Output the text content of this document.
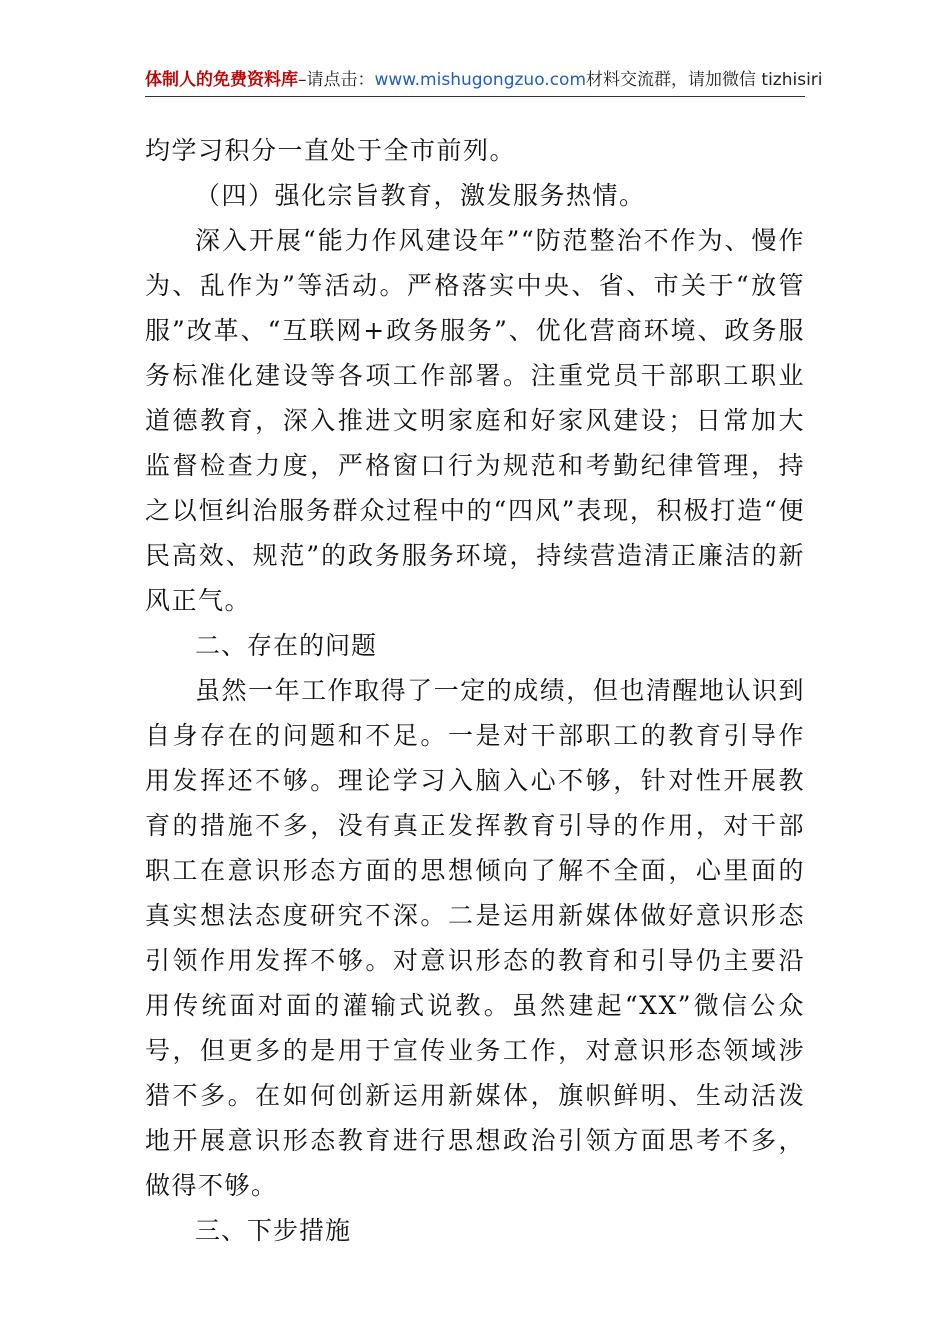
体制人的免费资料库–请点击：www.mishugongzuo.com材料交流群，请加微信 tizhisiri

均学习积分一直处于全市前列。

（四）强化宗旨教育，激发服务热情。

深入开展“能力作风建设年”“防范整治不作为、慢作为、乱作为”等活动。严格落实中央、省、市关于“放管服”改革、“互联网+政务服务”、优化营商环境、政务服务标准化建设等各项工作部署。注重党员干部职工职业道德教育，深入推进文明家庭和好家风建设；日常加大监督检查力度，严格窗口行为规范和考勤纪律管理，持之以恒纠治服务群众过程中的“四风”表现，积极打造“便民高效、规范”的政务服务环境，持续营造清正廉洁的新风正气。

二、存在的问题

虽然一年工作取得了一定的成绩，但也清醒地认识到自身存在的问题和不足。一是对干部职工的教育引导作用发挥还不够。理论学习入脑入心不够，针对性开展教育的措施不多，没有真正发挥教育引导的作用，对干部职工在意识形态方面的思想倾向了解不全面，心里面的真实想法态度研究不深。二是运用新媒体做好意识形态引领作用发挥不够。对意识形态的教育和引导仍主要沿用传统面对面的灌输式说教。虽然建起“XX”微信公众号，但更多的是用于宣传业务工作，对意识形态领域涉猎不多。在如何创新运用新媒体，旗帜鲜明、生动活泼地开展意识形态教育进行思想政治引领方面思考不多，做得不够。

三、下步措施
